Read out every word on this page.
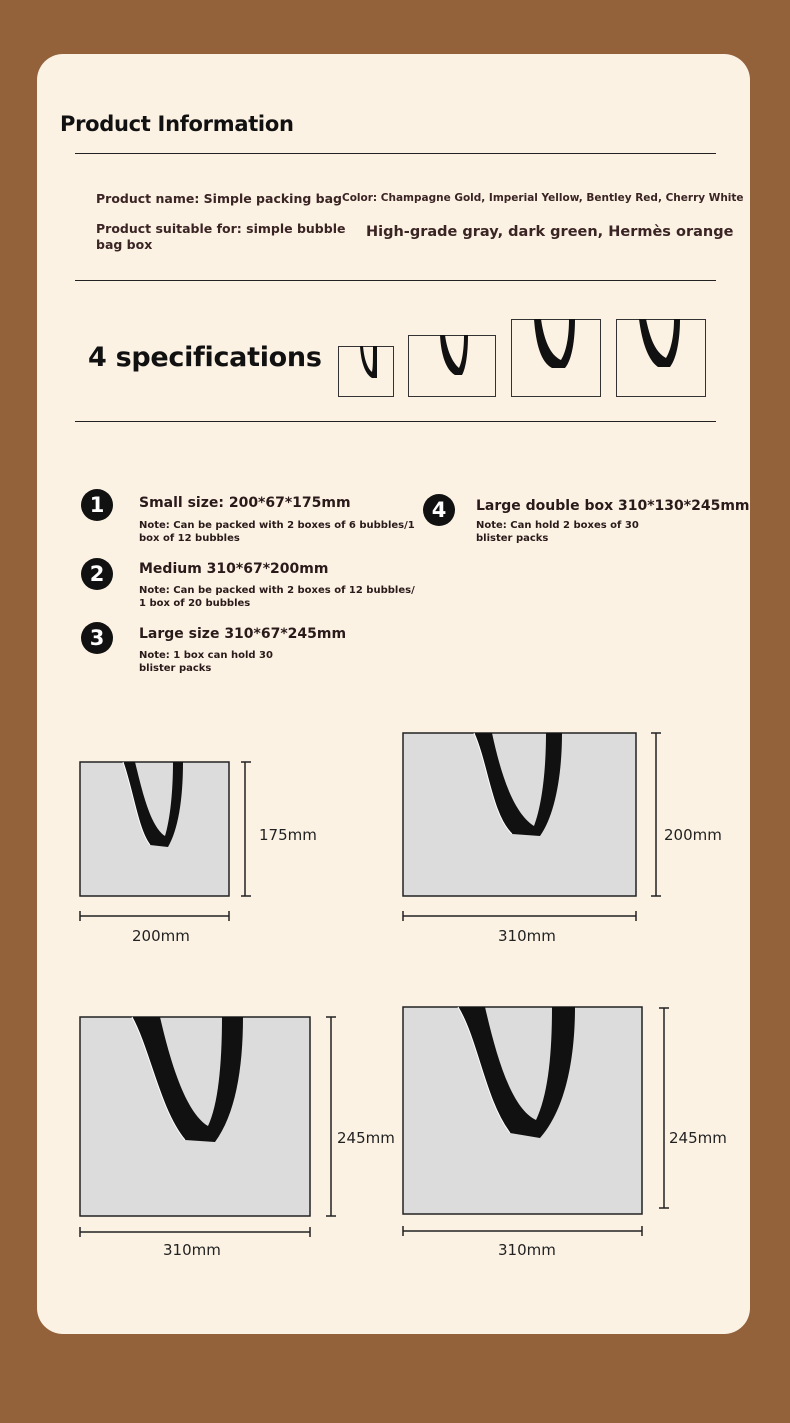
Product Information
Product name: Simple packing bag Color: Champagne Gold, Imperial Yellow, Bentley Red, Cherry White
Product suitable for: simple bubble
bag box
High-grade gray, dark green, Hermès orange
4 specifications
1	Small size: 200*67*175mm
Note: Can be packed with 2 boxes of 6 bubbles/1
box of 12 bubbles
2	Medium 310*67*200mm
Note: Can be packed with 2 boxes of 12 bubbles/
1 box of 20 bubbles
3	Large size 310*67*245mm
Note: 1 box can hold 30
blister packs
4	Large double box 310*130*245mm
Note: Can hold 2 boxes of 30
blister packs
175mm
200mm
200mm
310mm
245mm
310mm
245mm
310mm
